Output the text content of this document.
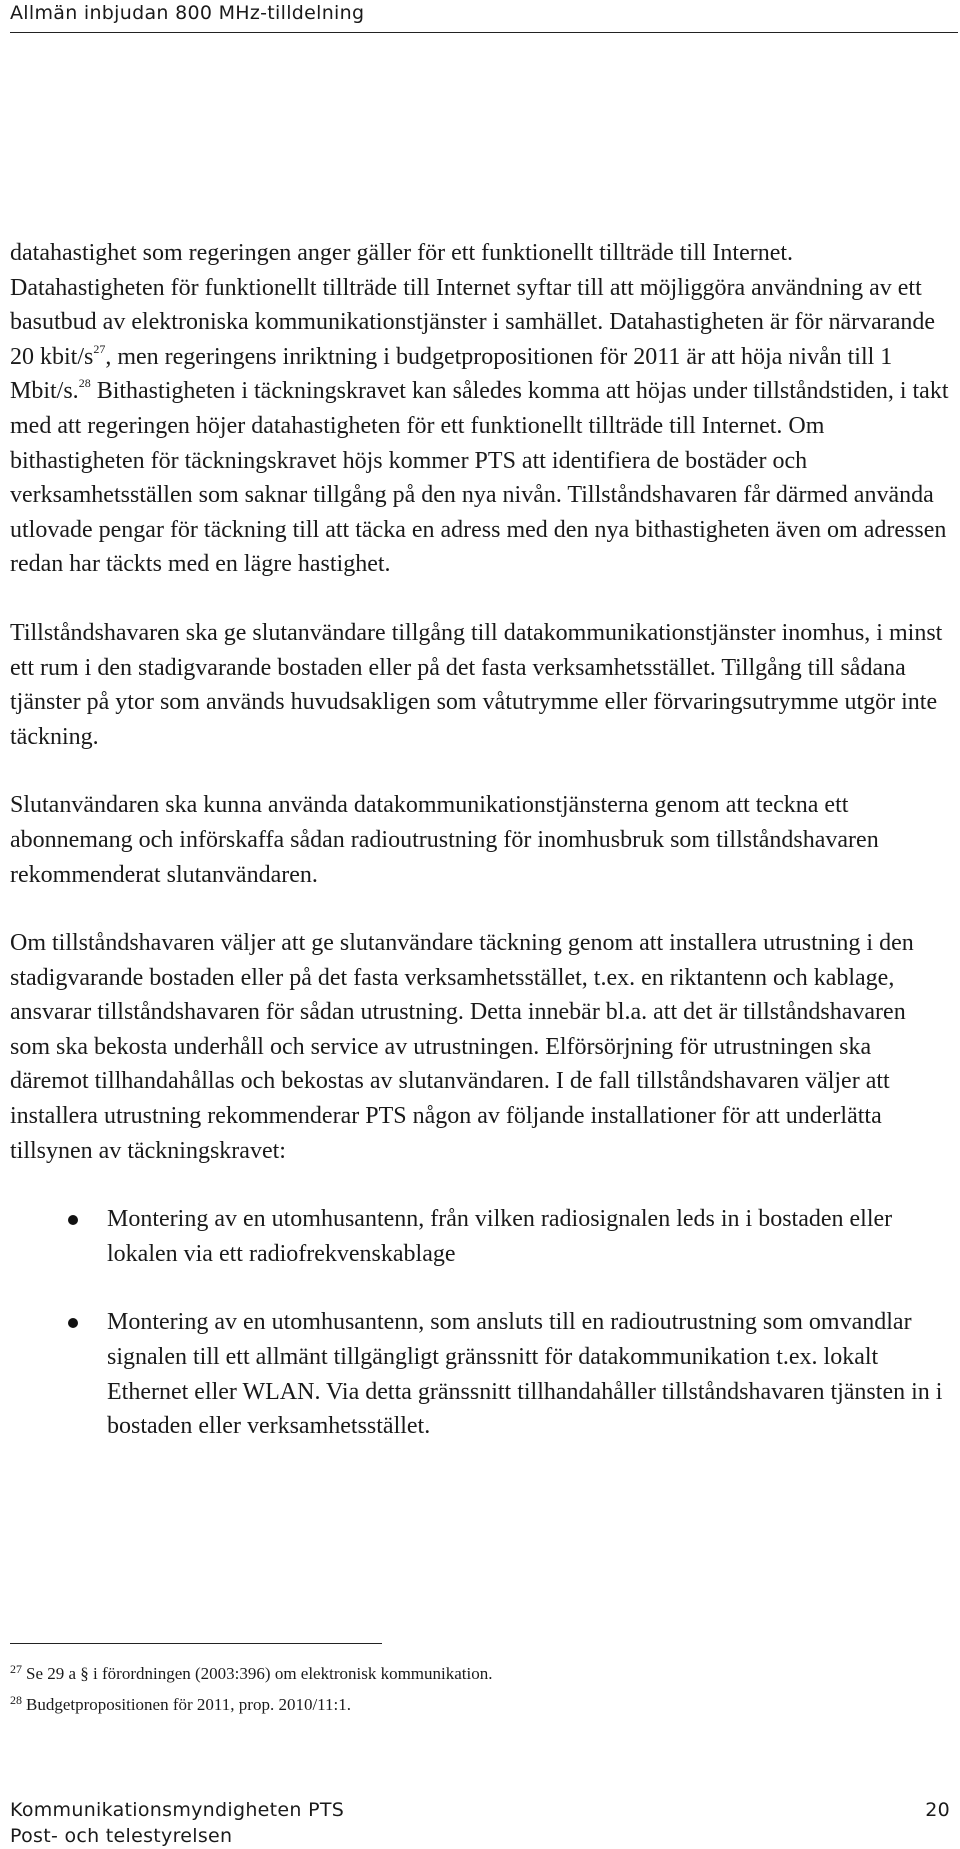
Allmän inbjudan 800 MHz-tilldelning

datahastighet som regeringen anger gäller för ett funktionellt tillträde till Internet. Datahastigheten för funktionellt tillträde till Internet syftar till att möjliggöra användning av ett basutbud av elektroniska kommunikationstjänster i samhället. Datahastigheten är för närvarande 20 kbit/s$^{27}$, men regeringens inriktning i budgetpropositionen för 2011 är att höja nivån till 1 Mbit/s.$^{28}$ Bithastigheten i täckningskravet kan således komma att höjas under tillståndstiden, i takt med att regeringen höjer datahastigheten för ett funktionellt tillträde till Internet. Om bithastigheten för täckningskravet höjs kommer PTS att identifiera de bostäder och verksamhetsställen som saknar tillgång på den nya nivån. Tillståndshavaren får därmed använda utlovade pengar för täckning till att täcka en adress med den nya bithastigheten även om adressen redan har täckts med en lägre hastighet.

Tillståndshavaren ska ge slutanvändare tillgång till datakommunikationstjänster inomhus, i minst ett rum i den stadigvarande bostaden eller på det fasta verksamhetsstället. Tillgång till sådana tjänster på ytor som används huvudsakligen som våtutrymme eller förvaringsutrymme utgör inte täckning.

Slutanvändaren ska kunna använda datakommunikationstjänsterna genom att teckna ett abonnemang och införskaffa sådan radioutrustning för inomhusbruk som tillståndshavaren rekommenderat slutanvändaren.

Om tillståndshavaren väljer att ge slutanvändare täckning genom att installera utrustning i den stadigvarande bostaden eller på det fasta verksamhetsstället, t.ex. en riktantenn och kablage, ansvarar tillståndshavaren för sådan utrustning. Detta innebär bl.a. att det är tillståndshavaren som ska bekosta underhåll och service av utrustningen. Elförsörjning för utrustningen ska däremot tillhandahållas och bekostas av slutanvändaren. I de fall tillståndshavaren väljer att installera utrustning rekommenderar PTS någon av följande installationer för att underlätta tillsynen av täckningskravet:

Montering av en utomhusantenn, från vilken radiosignalen leds in i bostaden eller lokalen via ett radiofrekvenskablage
Montering av en utomhusantenn, som ansluts till en radioutrustning som omvandlar signalen till ett allmänt tillgängligt gränssnitt för datakommunikation t.ex. lokalt Ethernet eller WLAN. Via detta gränssnitt tillhandahåller tillståndshavaren tjänsten in i bostaden eller verksamhetsstället.
$^{27}$ Se 29 a § i förordningen (2003:396) om elektronisk kommunikation.
$^{28}$ Budgetpropositionen för 2011, prop. 2010/11:1.
Kommunikationsmyndigheten PTS	20
Post- och telestyrelsen
